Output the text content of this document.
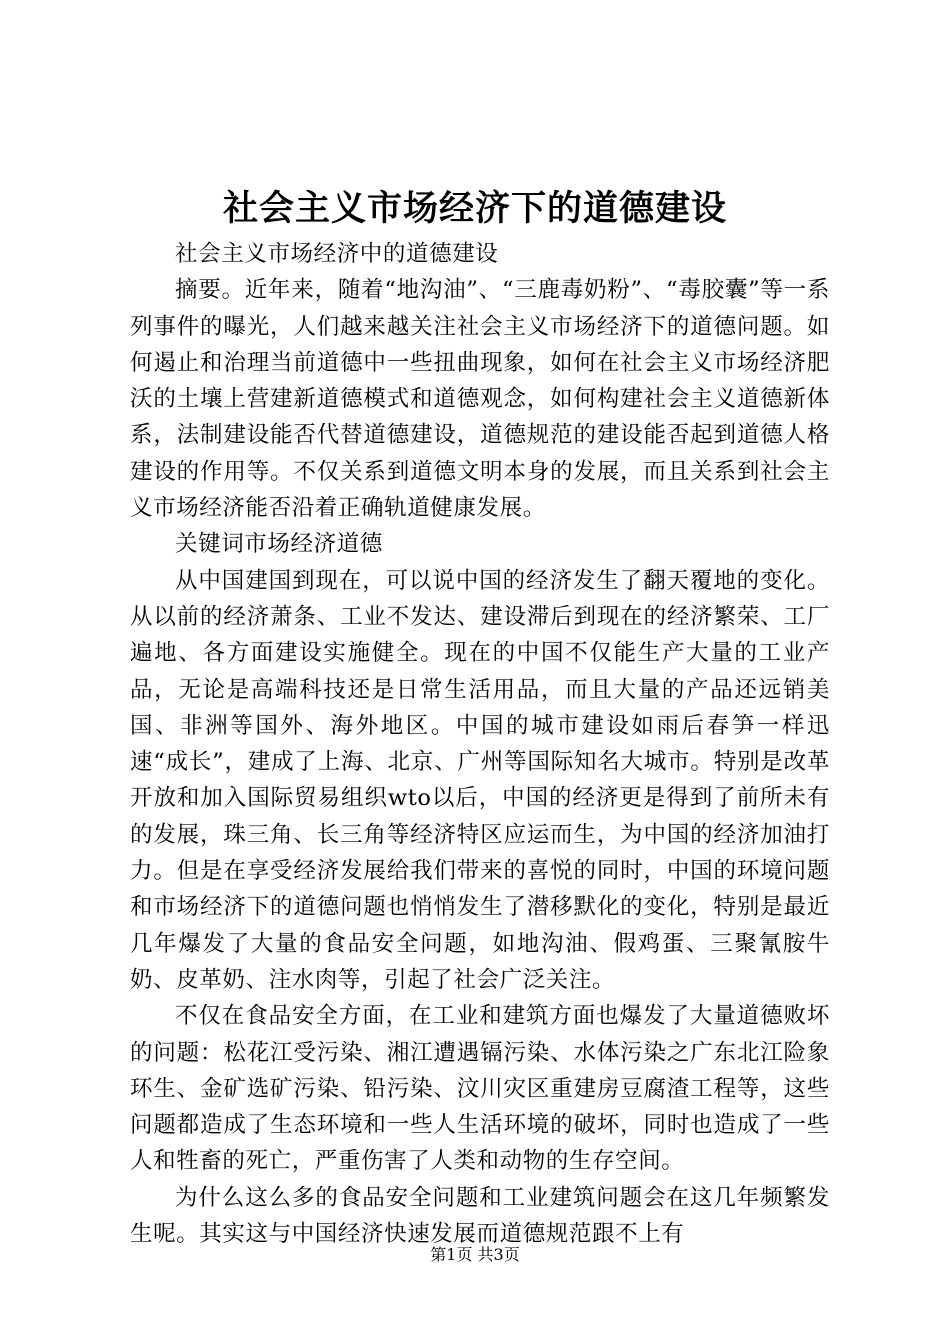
社会主义市场经济下的道德建设

社会主义市场经济中的道德建设

摘要。近年来，随着“地沟油”、“三鹿毒奶粉”、“毒胶囊”等一系列事件的曝光，人们越来越关注社会主义市场经济下的道德问题。如何遏止和治理当前道德中一些扭曲现象，如何在社会主义市场经济肥沃的土壤上营建新道德模式和道德观念，如何构建社会主义道德新体系，法制建设能否代替道德建设，道德规范的建设能否起到道德人格建设的作用等。不仅关系到道德文明本身的发展，而且关系到社会主义市场经济能否沿着正确轨道健康发展。

关键词市场经济道德

从中国建国到现在，可以说中国的经济发生了翻天覆地的变化。从以前的经济萧条、工业不发达、建设滞后到现在的经济繁荣、工厂遍地、各方面建设实施健全。现在的中国不仅能生产大量的工业产品，无论是高端科技还是日常生活用品，而且大量的产品还远销美国、非洲等国外、海外地区。中国的城市建设如雨后春笋一样迅速“成长”，建成了上海、北京、广州等国际知名大城市。特别是改革开放和加入国际贸易组织wto以后，中国的经济更是得到了前所未有的发展，珠三角、长三角等经济特区应运而生，为中国的经济加油打力。但是在享受经济发展给我们带来的喜悦的同时，中国的环境问题和市场经济下的道德问题也悄悄发生了潜移默化的变化，特别是最近几年爆发了大量的食品安全问题，如地沟油、假鸡蛋、三聚氰胺牛奶、皮革奶、注水肉等，引起了社会广泛关注。

不仅在食品安全方面，在工业和建筑方面也爆发了大量道德败坏的问题：松花江受污染、湘江遭遇镉污染、水体污染之广东北江险象环生、金矿选矿污染、铅污染、汶川灾区重建房豆腐渣工程等，这些问题都造成了生态环境和一些人生活环境的破坏，同时也造成了一些人和牲畜的死亡，严重伤害了人类和动物的生存空间。

为什么这么多的食品安全问题和工业建筑问题会在这几年频繁发生呢。其实这与中国经济快速发展而道德规范跟不上有

第1页 共3页
